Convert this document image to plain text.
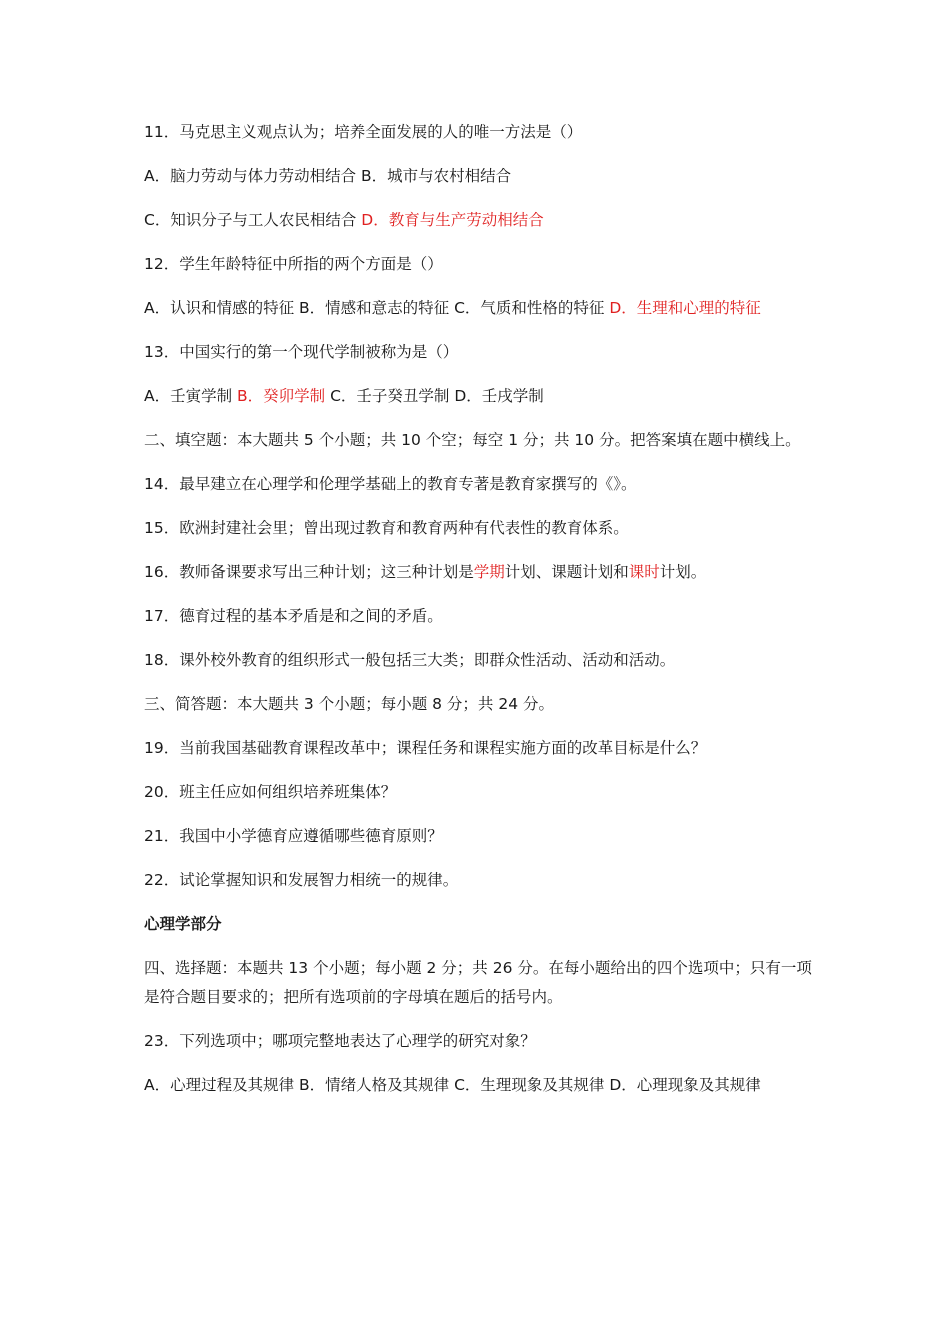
11．马克思主义观点认为；培养全面发展的人的唯一方法是（）

A．脑力劳动与体力劳动相结合 B．城市与农村相结合

C．知识分子与工人农民相结合 D．教育与生产劳动相结合

12．学生年龄特征中所指的两个方面是（）

A．认识和情感的特征 B．情感和意志的特征 C．气质和性格的特征 D．生理和心理的特征

13．中国实行的第一个现代学制被称为是（）

A．壬寅学制 B．癸卯学制 C．壬子癸丑学制 D．壬戌学制

二、填空题：本大题共 5 个小题；共 10 个空；每空 1 分；共 10 分。把答案填在题中横线上。

14．最早建立在心理学和伦理学基础上的教育专著是教育家撰写的《》。

15．欧洲封建社会里；曾出现过教育和教育两种有代表性的教育体系。

16．教师备课要求写出三种计划；这三种计划是学期计划、课题计划和课时计划。

17．德育过程的基本矛盾是和之间的矛盾。

18．课外校外教育的组织形式一般包括三大类；即群众性活动、活动和活动。

三、简答题：本大题共 3 个小题；每小题 8 分；共 24 分。

19．当前我国基础教育课程改革中；课程任务和课程实施方面的改革目标是什么？

20．班主任应如何组织培养班集体？

21．我国中小学德育应遵循哪些德育原则？

22．试论掌握知识和发展智力相统一的规律。

心理学部分

四、选择题：本题共 13 个小题；每小题 2 分；共 26 分。在每小题给出的四个选项中；只有一项是符合题目要求的；把所有选项前的字母填在题后的括号内。

23．下列选项中；哪项完整地表达了心理学的研究对象？

A．心理过程及其规律 B．情绪人格及其规律 C．生理现象及其规律 D．心理现象及其规律
